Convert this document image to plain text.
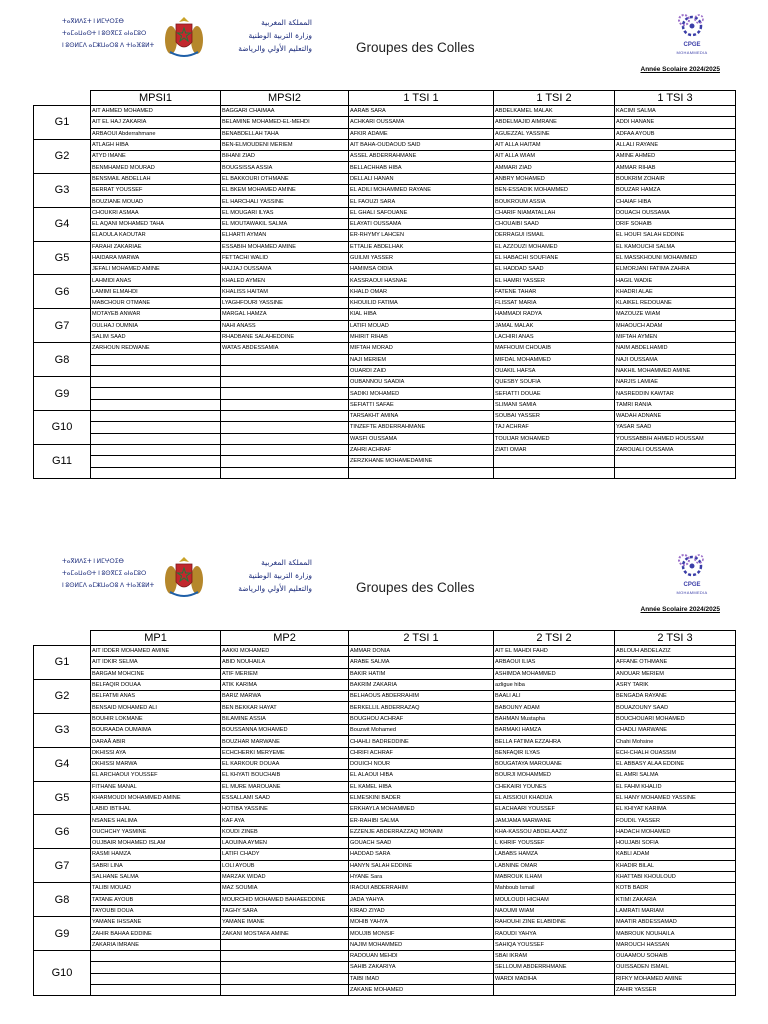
ⵜⴰⴳⵍⴷⵉⵜ ⵏ ⵍⵎⵖⵔⵉⴱ
ⵜⴰⵎⴰⵡⴰⵙⵜ ⵏ ⵓⵙⴳⵎⵉ ⴰⵏⴰⵎⵓⵔ
ⵏ ⵓⵙⵍⵎⴷ ⴰⵎⵣⵡⴰⵔⵓ ⴷ ⵜⵏⴰⴼⵓⵍⵜ
المملكة المغربية
وزارة التربية الوطنية
والتعليم الأولي والرياضة	Groupes des Colles	CPGE
MOHAMMEDIA
Année Scolaire 2024/2025
	MPSI1	MPSI2	1 TSI 1	1 TSI 2	1 TSI 3
G1	AIT AHMED MOHAMED	BAGGARI CHAIMAA	AARAB SARA	ABDELKAMEL MALAK	KACIMI SALMA
	AIT EL HAJ ZAKARIA	BELAMINE MOHAMED-EL-MEHDI	ACHKARI OUSSAMA	ABDELMAJID AIMRANE	ADDI HANANE
	ARBAOUI Abderrahmane	BENABDELLAH TAHA	AFKIR ADAME	AGUEZZAL YASSINE	ADFAA AYOUB
G2	ATLAGH HIBA	BEN-ELMOUDENI MERIEM	AIT BAHA-OUDAOUD SAID	AIT ALLA HAITAM	ALLALI RAYANE
	ATYD IMANE	BIHANI ZIAD	ASSEL ABDERRAHMANE	AIT ALLA WIAM	AMINE AHMED
	BENMHAMED MOURAD	BOUGSISSA ASSIA	BELLACHHAB HIBA	AMMARI ZIAD	AMMAR RIHAB
G3	BENSMAIL ABDELLAH	EL BAKKOURI OTHMANE	DELLALI HANAN	ANBRY MOHAMED	BOUKRIM ZOHAIR
	BERRAT YOUSSEF	EL BKEM MOHAMED AMINE	EL ADILI MOHAMMED RAYANE	BEN-ESSADIK MOHAMMED	BOUZAR HAMZA
	BOUZIANE MOUAD	EL HARCHALI YASSINE	EL FAOUZI SARA	BOUKROUM ASSIA	CHAIAF HIBA
G4	CHOUKRI ASMAA	EL MOUGARI ILYAS	EL GHALI SAFOUANE	CHARIF NIAMATALLAH	DOUACH OUSSAMA
	EL AQANI MOHAMED TAHA	EL MOUTAWAKIL SALMA	ELAYATI OUSSAMA	CHOUAIBI SAAD	DRIF SOHAIB
	ELAOULA KAOUTAR	ELHARTI AYMAN	ER-RHYMY LAHCEN	DERRAGUI ISMAIL	EL HOUFI SALAH EDDINE
G5	FARAHI ZAKARIAE	ESSABIH MOHAMED AMINE	ETTALIE ABDELHAK	EL AZZOUZI MOHAMED	EL KAMOUCHI SALMA
	HAIDARA MARWA	FETTACHI WALID	GUILMI YASSER	EL HABACHI SOUFIANE	EL MASSKHOUNI MOHAMMED
	JEFALI MOHAMED AMINE	HAJJAJ OUSSAMA	HAMIMSA OIDIA	EL HADDAD SAAD	ELMORJANI FATIMA ZAHRA
G6	LAHMIDI ANAS	KHALED AYMEN	KASSRAOUI HASNAE	EL HAMRI YASSER	HAGIL WADIE
	LAMIMI ELMAHDI	KHALISS HAITAM	KHALD OMAR	FATENE TAHAR	KHADRI ALAE
	MABCHOUR OTMANE	LYAGHFOURI YASSINE	KHOUILID FATIMA	FLISSAT MARIA	KLAIKEL REDOUANE
G7	MOTAYEB ANWAR	MARGAL HAMZA	KIAL HIBA	HAMMADI RADYA	MAZOUZE WIAM
	OULHAJ OUMNIA	NAHI ANASS	LATIFI MOUAD	JAMAL MALAK	MHAOUCH ADAM
	SALIM SAAD	RHADBANE SALAHEDDINE	MHIRIT RIHAB	LACHIRI ANAS	MIFTAH AYMEN
G8	ZARHOUN REDWANE	WATAS ABDESSAMIA	MIFTAH MORAD	MAFHOUM CHOUAIB	NAIM ABDELHAMID
			NAJI MERIEM	MIFDAL MOHAMMED	NAJI OUSSAMA
			OUARDI ZAID	OUAKIL HAFSA	NAKHIL MOHAMMED AMINE
G9			OUBANNOU SAADIA	QUESBY SOUFIA	NARJIS LAMIAE
			SADIKI MOHAMED	SEFIATTI DOUAE	NASREDDIN KAWTAR
			SEFIATTI SAFAE	SLIMANI SAMIA	TAMRI RANIA
G10			TARSAKHT AMINA	SOUBAI YASSER	WADAH ADNANE
			TINZEFTE ABDERRAHMANE	TAJ ACHRAF	YASAR SAAD
			WASFI OUSSAMA	TOUIJAR MOHAMED	YOUSSABBIH AHMED HOUSSAM
G11			ZAHRI ACHRAF	ZIATI OMAR	ZAROUALI OUSSAMA
			ZERZKHANE MOHAMEDAMINE		

ⵜⴰⴳⵍⴷⵉⵜ ⵏ ⵍⵎⵖⵔⵉⴱ
ⵜⴰⵎⴰⵡⴰⵙⵜ ⵏ ⵓⵙⴳⵎⵉ ⴰⵏⴰⵎⵓⵔ
ⵏ ⵓⵙⵍⵎⴷ ⴰⵎⵣⵡⴰⵔⵓ ⴷ ⵜⵏⴰⴼⵓⵍⵜ
المملكة المغربية
وزارة التربية الوطنية
والتعليم الأولي والرياضة	Groupes des Colles	CPGE
MOHAMMEDIA
Année Scolaire 2024/2025
	MP1	MP2	2 TSI 1	2 TSI 2	2 TSI 3
G1	AIT IDDER MOHAMED AMINE	AAKKI MOHAMED	AMMAR DONIA	AIT EL MAHDI FAHD	ABLOUH ABDELAZIZ
	AIT IDKIR SELMA	ABID NOUHAILA	ARABE SALMA	ARBAOUI ILIAS	AFFANE OTHMANE
	BARGAM MOHCINE	ATIF MERIEM	BAKIR HATIM	ASHIMDA MOHAMMED	ANOUAR MERIEM
G2	BELFAQIR DOUAA	ATIK KARIMA	BAKRIM ZAKARIA	azligue hiba	ASRY TARIK
	BELFATMI ANAS	BARIZ MARWA	BELHAOUS ABDERRAHIM	BAALI ALI	BENGADA RAYANE
	BENSAID MOHAMED ALI	BEN BEKKAR HAYAT	BERKELLIL ABDERRAZAQ	BABOUNY ADAM	BOUAZOUNY SAAD
G3	BOUHIR LOKMANE	BILAMINE ASSIA	BOUGHOU ACHRAF	BAHMAN Mustapha	BOUCHOUARI MOHAMED
	BOURAADA OUMAIMA	BOUSSANNA MOHAMED	Bouzwit Mohamed	BARMAKI HAMZA	CHADLI MARWANE
	DARAÂ ABIR	BOUZHAR MARWANE	CHAHLI BADREDDINE	BELLA FATIMA EZZAHRA	Chahi Mohsine
G4	DKHISSI AYA	ECHCHERKI MERYEME	CHRIFI ACHRAF	BENFAQIR ILYAS	ECH-CHALH OUASSIM
	DKHISSI MARWA	EL KARKOUR DOUAA	DOUICH NOUR	BOUGATAYA MAROUANE	EL ABBASY ALAA EDDINE
	EL ARCHAOUI YOUSSEF	EL KHYATI BOUCHAIB	EL ALAOUI HIBA	BOURJI MOHAMMED	EL AMRI SALMA
G5	FITHANE MANAL	EL MURE MAROUANE	EL KAMEL HIBA	CHEKAIRI YOUNES	EL FAHM KHALID
	KHARMOUDI MOHAMMED AMINE	ESSALLAMI SAAD	ELMESKINI BADER	EL AISSIOUI KHADIJA	EL HANY MOHAMED YASSINE
	LABID IBTIHAL	HOTIBA YASSINE	ERKHAYLA MOHAMMED	ELACHAARI YOUSSEF	EL KHIYAT KARIMA
G6	NSANES HALIMA	KAF AYA	ER-RAHIBI SALMA	JAMJAMA MARWANE	FOUDIL YASSER
	OUCHCHY YASMINE	KOUDI ZINEB	EZZENJE ABDERRAZZAQ MONAIM	KHA-KASSOU ABDELAAZIZ	HADACH MOHAMED
	OUJBAIR MOHAMED ISLAM	LAOUINA AYMEN	GOUACH SAAD	L KHRIF YOUSSEF	HOUJABI SOFIA
G7	RASMI HAMZA	LATIFI CHADY	HADDAD SARA	LABABS HAMZA	KABLI ADAM
	SABRI LINA	LOLI AYOUB	HANYN SALAH EDDINE	LABNINE OMAR	KHADIR BILAL
	SALHANE SALMA	MARZAK WIDAD	HYANE Sara	MABROUK ILHAM	KHATTABI KHOULOUD
G8	TALIBI MOUAD	MAZ SOUMIA	IRAOUI ABDERRAHIM	Mahboub Ismail	KOTB BADR
	TATANE AYOUB	MOURCHID MOHAMED BAHAEEDDINE	JADA YAHYA	MOULOUDI HICHAM	KTIMI ZAKARIA
	TAYOUBI DOUA	TAGHY SARA	KIRAD ZIYAD	NAOUMI WIAM	LAMRATI MARIAM
G9	YAMANE IHSSANE	YAMANE IMANE	MOHIB YAHYA	RAHOUHI ZINE ELABIDINE	MAATIR ABDESSAMAD
	ZAHIR BAHAA EDDINE	ZAKANI MOSTAFA AMINE	MOUJIB MONSIF	RAOUDI YAHYA	MABROUK NOUHAILA
	ZAKARIA IMRANE		NAJIM MOHAMMED	SAHIQA YOUSSEF	MAROUCH HASSAN
G10			RADOUAN MEHDI	SBAI IKRAM	OUAAMOU SOHAIB
			SAHIB ZAKARIYA	SELLOUM ABDERRHMANE	OUISSADEN ISMAIL
			TAIBI IMAD	WARDI MADIHA	RIFKY MOHAMED AMINE
			ZAKANE MOHAMED		ZAHIR YASSER
